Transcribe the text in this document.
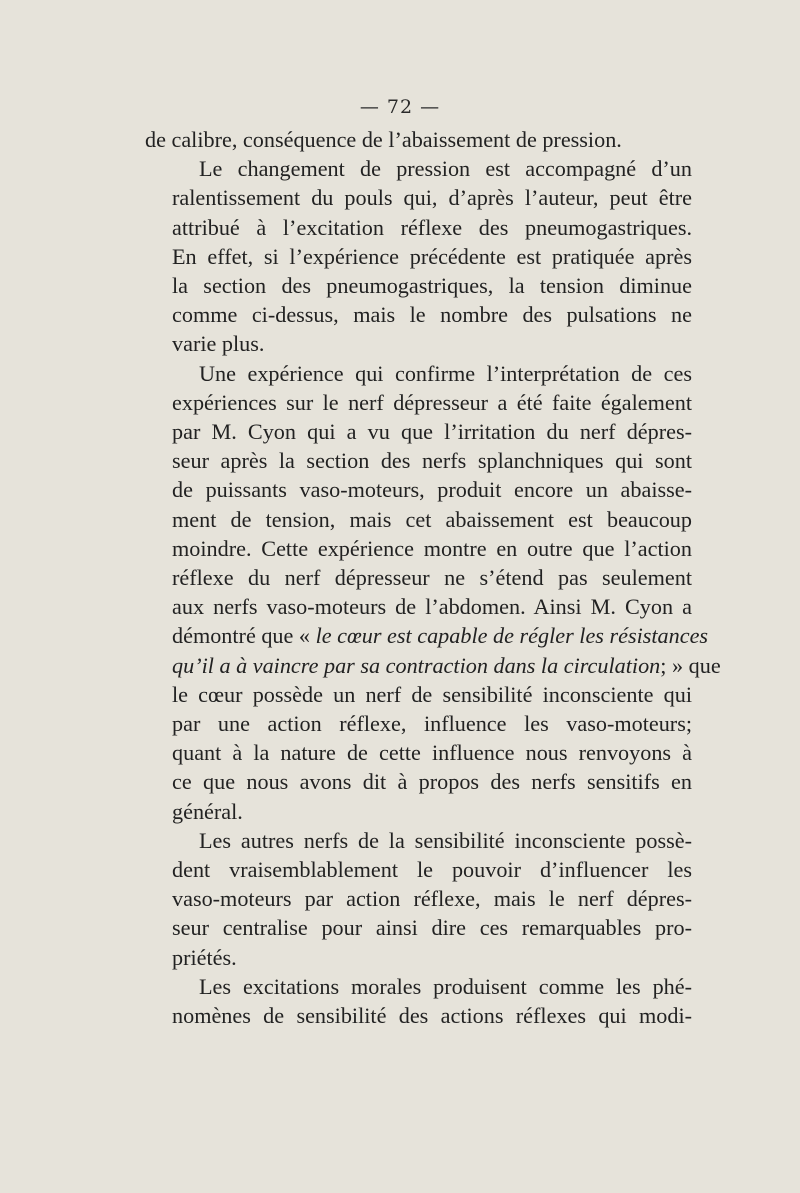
— 72 —

de calibre, conséquence de l’abaissement de pression.

Le changement de pression est accompagné d’un
ralentissement du pouls qui, d’après l’auteur, peut être
attribué à l’excitation réflexe des pneumogastriques.
En effet, si l’expérience précédente est pratiquée après
la section des pneumogastriques, la tension diminue
comme ci-dessus, mais le nombre des pulsations ne
varie plus.

Une expérience qui confirme l’interprétation de ces
expériences sur le nerf dépresseur a été faite également
par M. Cyon qui a vu que l’irritation du nerf dépres-
seur après la section des nerfs splanchniques qui sont
de puissants vaso-moteurs, produit encore un abaisse-
ment de tension, mais cet abaissement est beaucoup
moindre. Cette expérience montre en outre que l’action
réflexe du nerf dépresseur ne s’étend pas seulement
aux nerfs vaso-moteurs de l’abdomen. Ainsi M. Cyon a
démontré que « le cœur est capable de régler les résistances
qu’il a à vaincre par sa contraction dans la circulation; » que
le cœur possède un nerf de sensibilité inconsciente qui
par une action réflexe, influence les vaso-moteurs;
quant à la nature de cette influence nous renvoyons à
ce que nous avons dit à propos des nerfs sensitifs en
général.

Les autres nerfs de la sensibilité inconsciente possè-
dent vraisemblablement le pouvoir d’influencer les
vaso-moteurs par action réflexe, mais le nerf dépres-
seur centralise pour ainsi dire ces remarquables pro-
priétés.

Les excitations morales produisent comme les phé-
nomènes de sensibilité des actions réflexes qui modi-
